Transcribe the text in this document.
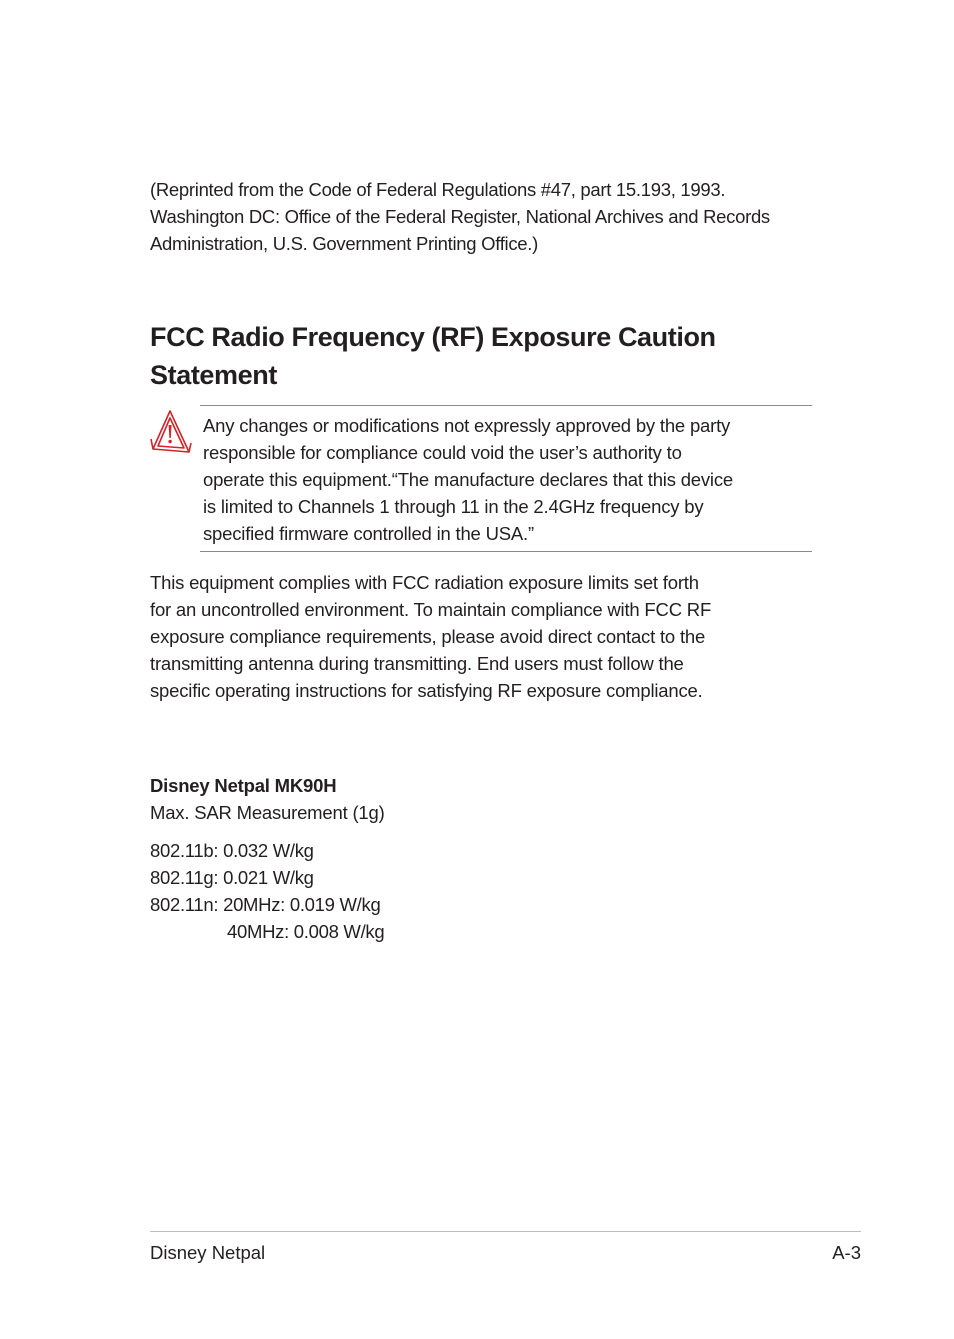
(Reprinted from the Code of Federal Regulations #47, part 15.193, 1993.
Washington DC: Office of the Federal Register, National Archives and Records
Administration, U.S. Government Printing Office.)
FCC Radio Frequency (RF) Exposure Caution
Statement
Any changes or modifications not expressly approved by the party
responsible for compliance could void the user’s authority to
operate this equipment.“The manufacture declares that this device
is limited to Channels 1 through 11 in the 2.4GHz frequency by
specified firmware controlled in the USA.”
This equipment complies with FCC radiation exposure limits set forth
for an uncontrolled environment. To maintain compliance with FCC RF
exposure compliance requirements, please avoid direct contact to the
transmitting antenna during transmitting. End users must follow the
specific operating instructions for satisfying RF exposure compliance.
Disney Netpal MK90H
Max. SAR Measurement (1g)
802.11b: 0.032 W/kg
802.11g: 0.021 W/kg
802.11n: 20MHz: 0.019 W/kg
40MHz: 0.008 W/kg
Disney Netpal	A-3
